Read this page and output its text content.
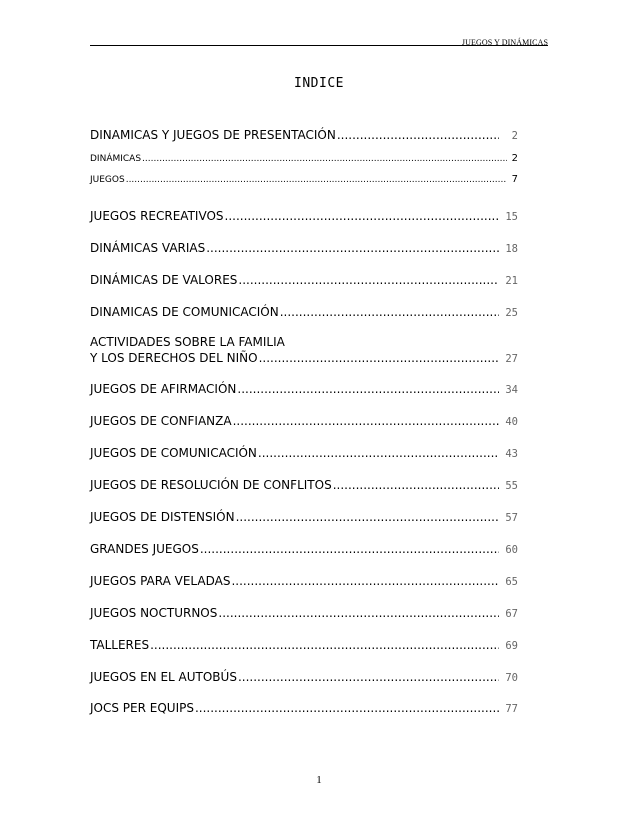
JUEGOS Y DINÁMICAS
INDICE
DINAMICAS Y JUEGOS DE PRESENTACIÓN .....	2
DINÁMICAS .....	2
JUEGOS .....	7
JUEGOS RECREATIVOS .....	15
DINÁMICAS VARIAS .....	18
DINÁMICAS DE VALORES .....	21
DINAMICAS DE COMUNICACIÓN .....	25
ACTIVIDADES SOBRE LA FAMILIA
Y LOS DERECHOS DEL NIÑO .....	27
JUEGOS DE AFIRMACIÓN .....	34
JUEGOS DE CONFIANZA .....	40
JUEGOS DE COMUNICACIÓN .....	43
JUEGOS DE RESOLUCIÓN DE CONFLITOS .....	55
JUEGOS DE DISTENSIÓN .....	57
GRANDES JUEGOS .....	60
JUEGOS PARA VELADAS .....	65
JUEGOS NOCTURNOS .....	67
TALLERES .....	69
JUEGOS EN EL AUTOBÚS .....	70
JOCS PER EQUIPS .....	77
1
